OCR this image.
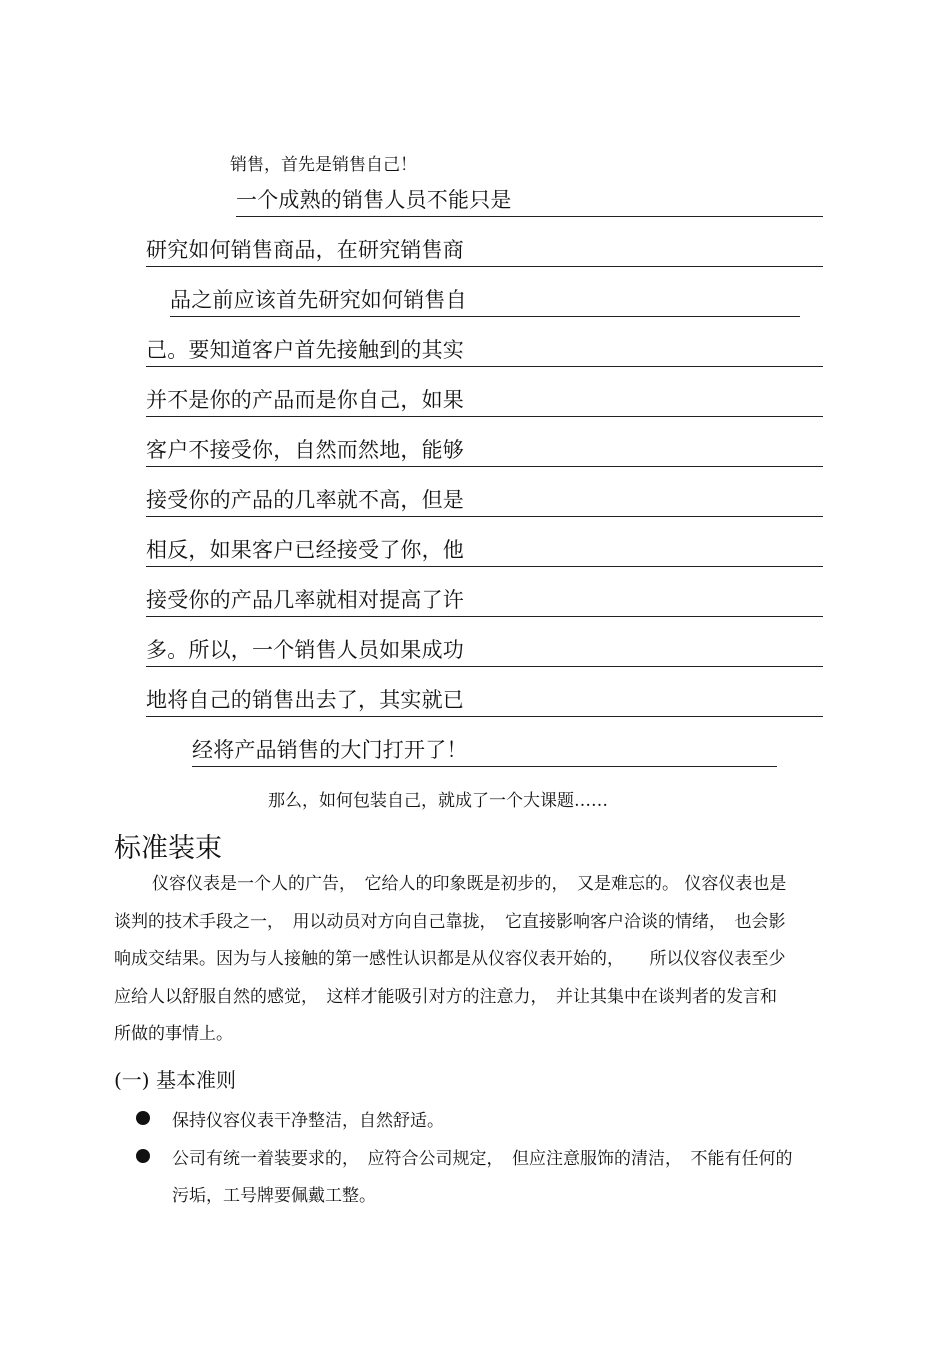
销售，首先是销售自己！
一个成熟的销售人员不能只是
研究如何销售商品，在研究销售商
品之前应该首先研究如何销售自
己。要知道客户首先接触到的其实
并不是你的产品而是你自己，如果
客户不接受你，自然而然地，能够
接受你的产品的几率就不高，但是
相反，如果客户已经接受了你，他
接受你的产品几率就相对提高了许
多。所以，一个销售人员如果成功
地将自己的销售出去了，其实就已
经将产品销售的大门打开了！
那么，如何包装自己，就成了一个大课题……
标准装束
仪容仪表是一个人的广告，　它给人的印象既是初步的，　又是难忘的。 仪容仪表也是
谈判的技术手段之一，　用以动员对方向自己靠拢，　它直接影响客户洽谈的情绪，　也会影
响成交结果。因为与人接触的第一感性认识都是从仪容仪表开始的，　　所以仪容仪表至少
应给人以舒服自然的感觉，　这样才能吸引对方的注意力，　并让其集中在谈判者的发言和
所做的事情上。
(一) 基本准则
保持仪容仪表干净整洁，自然舒适。
公司有统一着装要求的，　应符合公司规定，　但应注意服饰的清洁，　不能有任何的
污垢，工号牌要佩戴工整。
